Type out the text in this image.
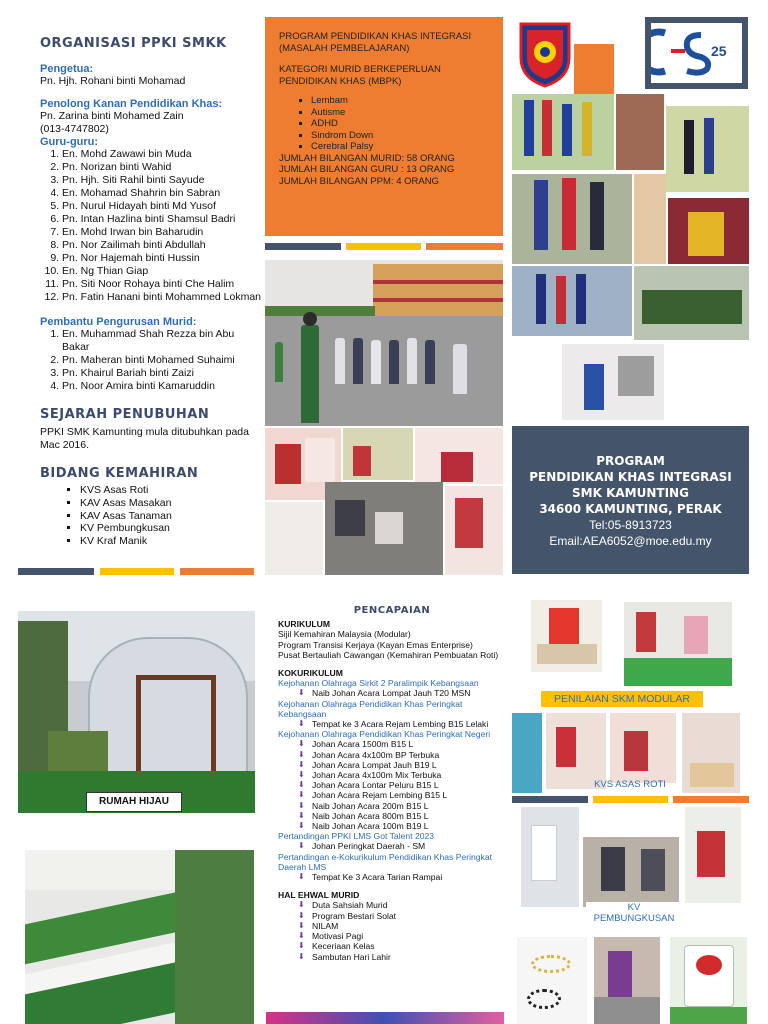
ORGANISASI PPKI SMKK
Pengetua:
Pn. Hjh. Rohani binti Mohamad
Penolong Kanan Pendidikan Khas:
Pn. Zarina binti Mohamed Zain
(013-4747802)
Guru-guru:
1. En. Mohd Zawawi bin Muda
2. Pn. Norizan binti Wahid
3. Pn. Hjh. Siti Rahil binti Sayude
4. En. Mohamad Shahrin bin Sabran
5. Pn. Nurul Hidayah binti Md Yusof
6. Pn. Intan Hazlina binti Shamsul Badri
7. En. Mohd Irwan bin Baharudin
8. Pn. Nor Zailimah binti Abdullah
9. Pn. Nor Hajemah binti Hussin
10. En. Ng Thian Giap
11. Pn. Siti Noor Rohaya binti Che Halim
12. Pn. Fatin Hanani binti Mohammed Lokman
Pembantu Pengurusan Murid:
1. En. Muhammad Shah Rezza bin Abu Bakar
2. Pn. Maheran binti Mohamed Suhaimi
3. Pn. Khairul Bariah binti Zaizi
4. Pn. Noor Amira binti Kamaruddin
SEJARAH PENUBUHAN
PPKI SMK Kamunting mula ditubuhkan pada Mac 2016.
BIDANG KEMAHIRAN
▪ KVS Asas Roti
▪ KAV Asas Masakan
▪ KAV Asas Tanaman
▪ KV Pembungkusan
▪ KV Kraf Manik
PROGRAM PENDIDIKAN KHAS INTEGRASI
(MASALAH PEMBELAJARAN)
KATEGORI MURID BERKEPERLUAN
PENDIDIKAN KHAS (MBPK)
▪ Lembam
▪ Autisme
▪ ADHD
▪ Sindrom Down
▪ Cerebral Palsy
JUMLAH BILANGAN MURID: 58 ORANG
JUMLAH BILANGAN GURU : 13 ORANG
JUMLAH BILANGAN PPM: 4 ORANG
25
PROGRAM
PENDIDIKAN KHAS INTEGRASI
SMK KAMUNTING
34600 KAMUNTING, PERAK
Tel:05-8913723
Email:AEA6052@moe.edu.my
RUMAH HIJAU
PENCAPAIAN
KURIKULUM
Sijil Kemahiran Malaysia (Modular)
Program Transisi Kerjaya (Kayan Emas Enterprise)
Pusat Bertauliah Cawangan (Kemahiran Pembuatan Roti)
KOKURIKULUM
Kejohanan Olahraga Sirkit 2 Paralimpik Kebangsaan
⬇ Naib Johan Acara Lompat Jauh T20 MSN
Kejohanan Olahraga Pendidikan Khas Peringkat Kebangsaan
⬇ Tempat ke 3 Acara Rejam Lembing B15 Lelaki
Kejohanan Olahraga Pendidikan Khas Peringkat Negeri
⬇ Johan Acara 1500m B15 L
⬇ Johan Acara 4x100m BP Terbuka
⬇ Johan Acara Lompat Jauh B19 L
⬇ Johan Acara 4x100m Mix Terbuka
⬇ Johan Acara Lontar Peluru B15 L
⬇ Johan Acara Rejam Lembing B15 L
⬇ Naib Johan Acara 200m B15 L
⬇ Naib Johan Acara 800m B15 L
⬇ Naib Johan Acara 100m B19 L
Pertandingan PPKI LMS Got Talent 2023
⬇ Johan Peringkat Daerah - SM
Pertandingan e-Kokurikulum Pendidikan Khas Peringkat Daerah LMS
⬇ Tempat Ke 3 Acara Tarian Rampai
HAL EHWAL MURID
⬇ Duta Sahsiah Murid
⬇ Program Bestari Solat
⬇ NILAM
⬇ Motivasi Pagi
⬇ Keceriaan Kelas
⬇ Sambutan Hari Lahir
PENILAIAN SKM MODULAR
KVS ASAS ROTI
KV PEMBUNGKUSAN
